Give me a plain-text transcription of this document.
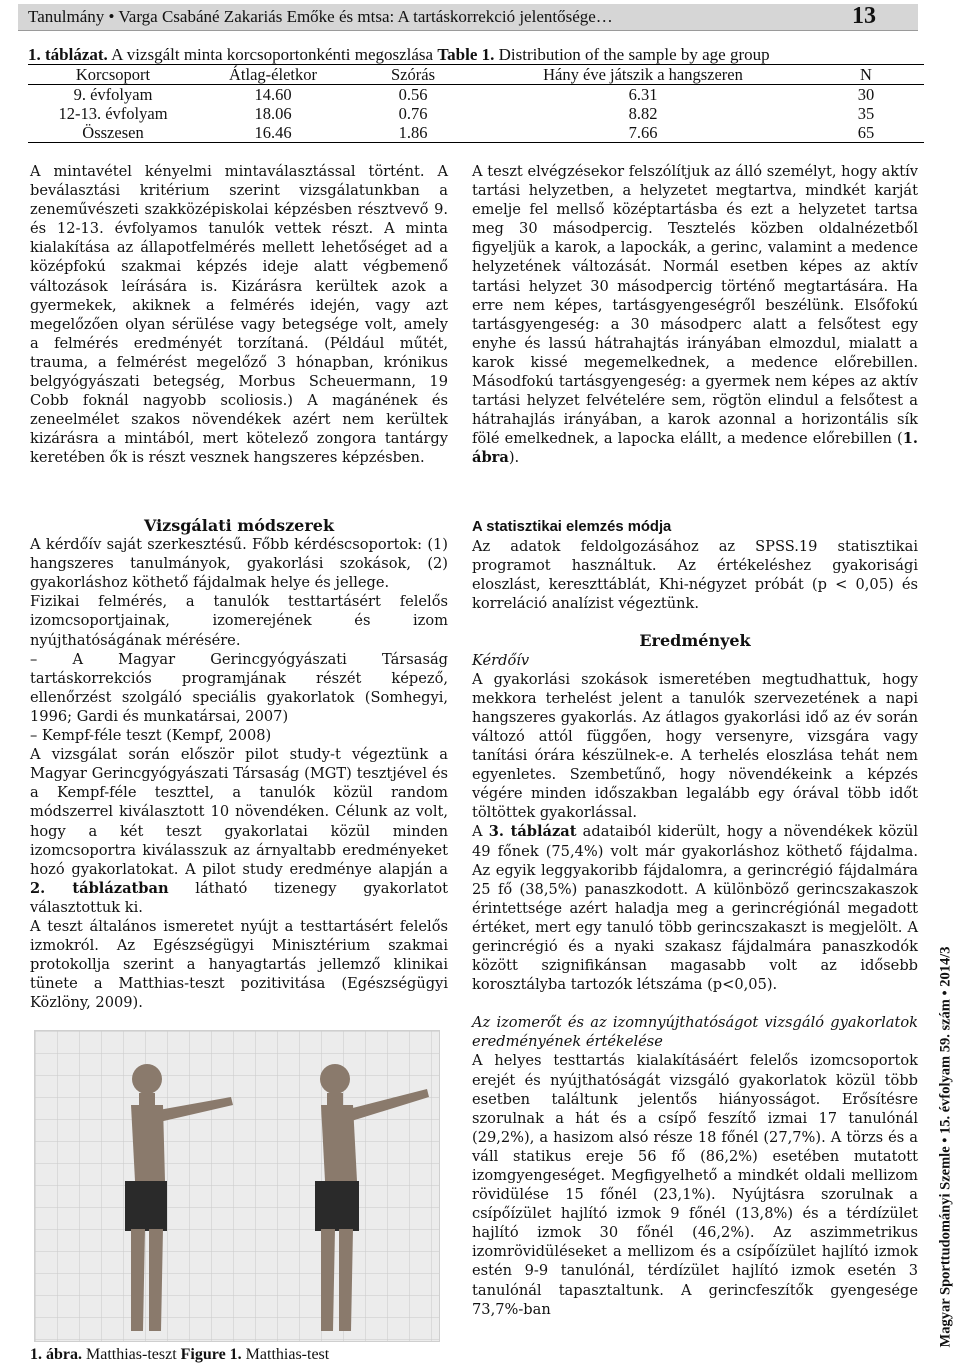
Tanulmány • Varga Csabáné Zakariás Emőke és mtsa: A tartáskorrekció jelentősége…	13
1. táblázat. A vizsgált minta korcsoportonkénti megoszlása Table 1. Distribution of the sample by age group
Korcsoport	Átlag-életkor	Szórás	Hány éve játszik a hangszeren	N
9. évfolyam	14.60	0.56	6.31	30
12-13. évfolyam	18.06	0.76	8.82	35
Összesen	16.46	1.86	7.66	65

A mintavétel kényelmi mintaválasztással történt. A beválasztási kritérium szerint vizsgálatunkban a zeneművészeti szakközépiskolai képzésben résztvevő 9. és 12-13. évfolyamos tanulók vettek részt. A minta kialakítása az állapotfelmérés mellett lehetőséget ad a középfokú szakmai képzés ideje alatt végbemenő változások leírására is. Kizárásra kerültek azok a gyermekek, akiknek a felmérés idején, vagy azt megelőzően olyan sérülése vagy betegsége volt, amely a felmérés eredményét torzítaná. (Például műtét, trauma, a felmérést megelőző 3 hónapban, krónikus belgyógyászati betegség, Morbus Scheuermann, 19 Cobb foknál nagyobb scoliosis.) A magánének és zeneelmélet szakos növendékek azért nem kerültek kizárásra a mintából, mert kötelező zongora tantárgy keretében ők is részt vesznek hangszeres képzésben.

Vizsgálati módszerek

A kérdőív saját szerkesztésű. Főbb kérdéscsoportok: (1) hangszeres tanulmányok, gyakorlási szokások, (2) gyakorláshoz köthető fájdalmak helye és jellege.

Fizikai felmérés, a tanulók testtartásért felelős izomcsoportjainak, izomerejének és izom nyújthatóságának mérésére.

– A Magyar Gerincgyógyászati Társaság tartáskorrekciós programjának részét képező, ellenőrzést szolgáló speciális gyakorlatok (Somhegyi, 1996; Gardi és munkatársai, 2007)

– Kempf-féle teszt (Kempf, 2008)

A vizsgálat során először pilot study-t végeztünk a Magyar Gerincgyógyászati Társaság (MGT) tesztjével és a Kempf-féle teszttel, a tanulók közül random módszerrel kiválasztott 10 növendéken. Célunk az volt, hogy a két teszt gyakorlatai közül minden izomcsoportra kiválasszuk az árnyaltabb eredményeket hozó gyakorlatokat. A pilot study eredménye alapján a 2. táblázatban látható tizenegy gyakorlatot választottuk ki.

A teszt általános ismeretet nyújt a testtartásért felelős izmokról. Az Egészségügyi Minisztérium szakmai protokollja szerint a hanyagtartás jellemző klinikai tünete a Matthias-teszt pozitivitása (Egészségügyi Közlöny, 2009).

1. ábra. Matthias-teszt Figure 1. Matthias-test

A teszt elvégzésekor felszólítjuk az álló személyt, hogy aktív tartási helyzetben, a helyzetet megtartva, mindkét karját emelje fel mellső középtartásba és ezt a helyzetet tartsa meg 30 másodpercig. Tesztelés közben oldalnézetből figyeljük a karok, a lapockák, a gerinc, valamint a medence helyzetének változását. Normál esetben képes az aktív tartási helyzet 30 másodpercig történő megtartására. Ha erre nem képes, tartásgyengeségről beszélünk. Elsőfokú tartásgyengeség: a 30 másodperc alatt a felsőtest egy enyhe és lassú hátrahajtás irányában elmozdul, mialatt a karok kissé megemelkednek, a medence előrebillen. Másodfokú tartásgyengeség: a gyermek nem képes az aktív tartási helyzet felvételére sem, rögtön elindul a felsőtest a hátrahajlás irányában, a karok azonnal a horizontális sík fölé emelkednek, a lapocka elállt, a medence előrebillen (1. ábra).

A statisztikai elemzés módja

Az adatok feldolgozásához az SPSS.19 statisztikai programot használtuk. Az értékeléshez gyakorisági eloszlást, kereszttáblát, Khi-négyzet próbát (p < 0,05) és korreláció analízist végeztünk.

Eredmények

Kérdőív

A gyakorlási szokások ismeretében megtudhattuk, hogy mekkora terhelést jelent a tanulók szervezetének a napi hangszeres gyakorlás. Az átlagos gyakorlási idő az év során változó attól függően, hogy versenyre, vizsgára vagy tanítási órára készülnek-e. A terhelés eloszlása tehát nem egyenletes. Szembetűnő, hogy növendékeink a képzés végére minden időszakban legalább egy órával több időt töltöttek gyakorlással.

A 3. táblázat adataiból kiderült, hogy a növendékek közül 49 főnek (75,4%) volt már gyakorláshoz köthető fájdalma. Az egyik leggyakoribb fájdalomra, a gerincrégió fájdalmára 25 fő (38,5%) panaszkodott. A különböző gerincszakaszok érintettsége azért haladja meg a gerincrégiónál megadott értéket, mert egy tanuló több gerincszakaszt is megjelölt. A gerincrégió és a nyaki szakasz fájdalmára panaszkodók között szignifikánsan magasabb volt az idősebb korosztályba tartozók létszáma (p<0,05).

Az izomerőt és az izomnyújthatóságot vizsgáló gyakorlatok eredményének értékelése

A helyes testtartás kialakításáért felelős izomcsoportok erejét és nyújthatóságát vizsgáló gyakorlatok közül több esetben találtunk jelentős hiányosságot. Erősítésre szorulnak a hát és a csípő feszítő izmai 17 tanulónál (29,2%), a hasizom alsó része 18 főnél (27,7%). A törzs és a váll statikus ereje 56 fő (86,2%) esetében mutatott izomgyengeséget. Megfigyelhető a mindkét oldali mellizom rövidülése 15 főnél (23,1%). Nyújtásra szorulnak a csípőízület hajlító izmok 9 főnél (13,8%) és a térdízület hajlító izmok 30 főnél (46,2%). Az aszimmetrikus izomrövidüléseket a mellizom és a csípőízület hajlító izmok estén 9-9 tanulónál, térdízület hajlító izmok esetén 3 tanulónál tapasztaltunk. A gerincfeszítők gyengesége 73,7%-ban	Magyar Sporttudományi Szemle • 15. évfolyam 59. szám • 2014/3
